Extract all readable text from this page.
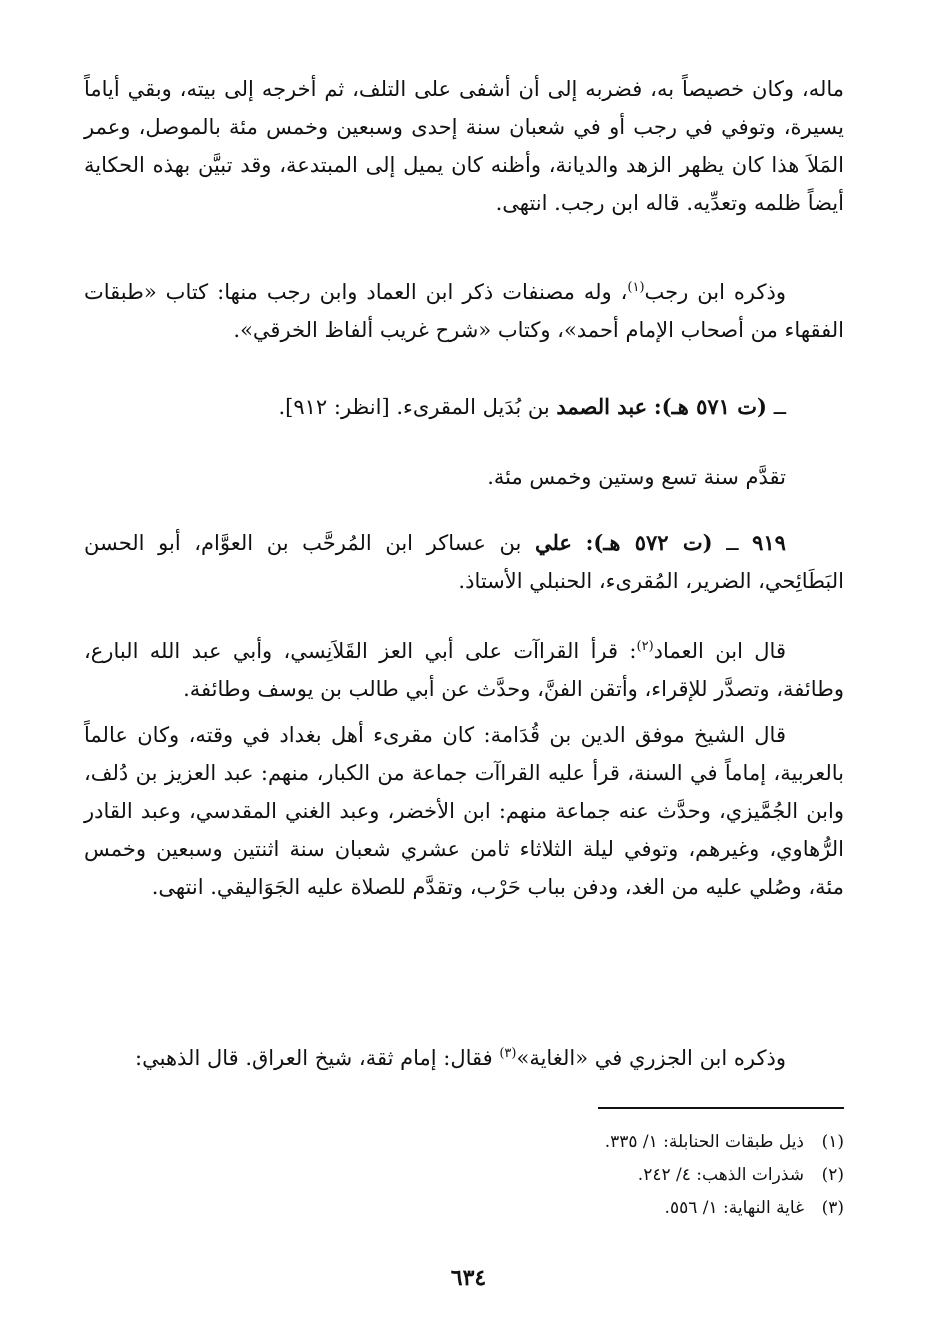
ماله، وكان خصيصاً به، فضربه إلى أن أشفى على التلف، ثم أخرجه إلى بيته، وبقي أياماً يسيرة، وتوفي في رجب أو في شعبان سنة إحدى وسبعين وخمس مئة بالموصل، وعمر المَلاَ هذا كان يظهر الزهد والديانة، وأظنه كان يميل إلى المبتدعة، وقد تبيَّن بهذه الحكاية أيضاً ظلمه وتعدِّيه. قاله ابن رجب. انتهى.

وذكره ابن رجب$^{(١)}$، وله مصنفات ذكر ابن العماد وابن رجب منها: كتاب «طبقات الفقهاء من أصحاب الإمام أحمد»، وكتاب «شرح غريب ألفاظ الخرقي».

ــ (ت ٥٧١ هـ): عبد الصمد بن بُدَيل المقرىء. [انظر: ٩١٢].

تقدَّم سنة تسع وستين وخمس مئة.

٩١٩ ــ (ت ٥٧٢ هـ): علي بن عساكر ابن المُرحَّب بن العوَّام، أبو الحسن البَطَائِحي، الضرير، المُقرىء، الحنبلي الأستاذ.

قال ابن العماد$^{(٢)}$: قرأ القراآت على أبي العز القَلاَنِسي، وأبي عبد الله البارع، وطائفة، وتصدَّر للإقراء، وأتقن الفنَّ، وحدَّث عن أبي طالب بن يوسف وطائفة.

قال الشيخ موفق الدين بن قُدَامة: كان مقرىء أهل بغداد في وقته، وكان عالماً بالعربية، إماماً في السنة، قرأ عليه القراآت جماعة من الكبار، منهم: عبد العزيز بن دُلف، وابن الجُمَّيزي، وحدَّث عنه جماعة منهم: ابن الأخضر، وعبد الغني المقدسي، وعبد القادر الرُّهاوي، وغيرهم، وتوفي ليلة الثلاثاء ثامن عشري شعبان سنة اثنتين وسبعين وخمس مئة، وصُلي عليه من الغد، ودفن بباب حَرْب، وتقدَّم للصلاة عليه الجَوَاليقي. انتهى.

وذكره ابن الجزري في «الغاية»$^{(٣)}$ فقال: إمام ثقة، شيخ العراق. قال الذهبي:

(١)
ذيل طبقات الحنابلة: ١/ ٣٣٥.
(٢)
شذرات الذهب: ٤/ ٢٤٢.
(٣)
غاية النهاية: ١/ ٥٥٦.
٦٣٤
